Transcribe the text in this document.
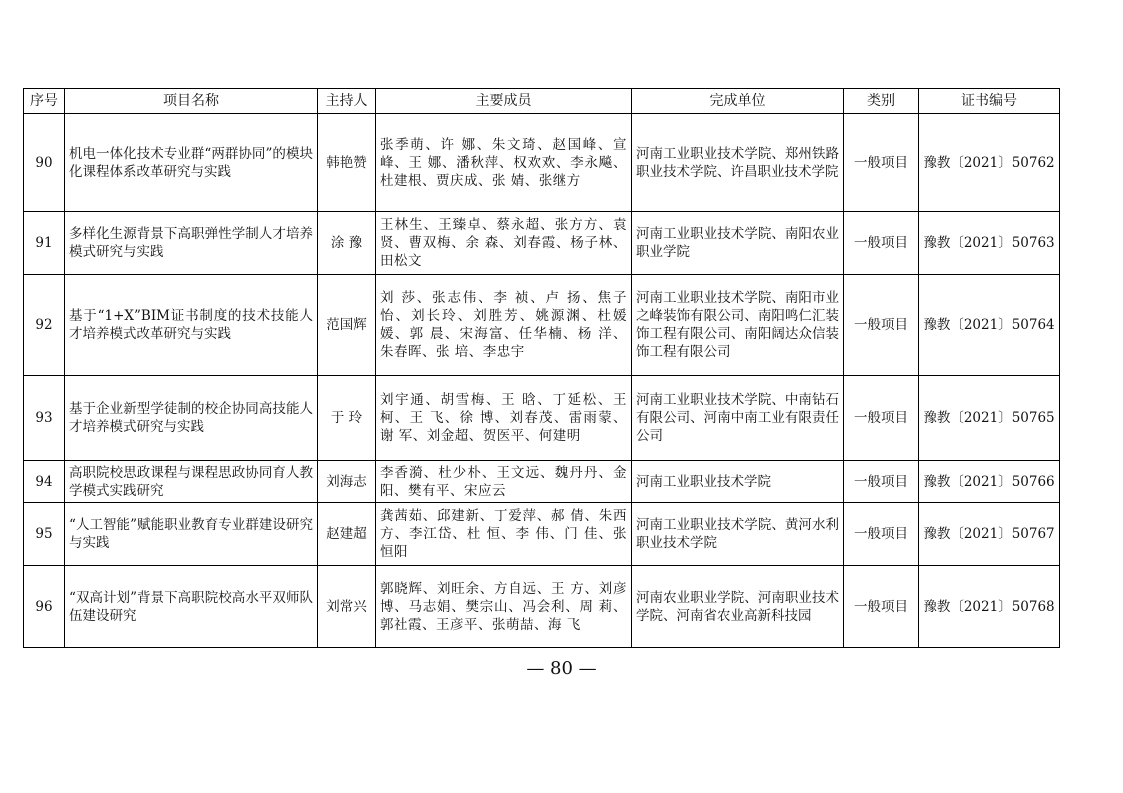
序号	项目名称	主持人	主要成员	完成单位	类别	证书编号
90	机电一体化技术专业群“两群协同”的模块化课程体系改革研究与实践	韩艳赞	张季萌、许 娜、朱文琦、赵国峰、宣 峰、王 娜、潘秋萍、权欢欢、李永飚、杜建根、贾庆成、张 婧、张继方	河南工业职业技术学院、郑州铁路职业技术学院、许昌职业技术学院	一般项目	豫教〔2021〕50762
91	多样化生源背景下高职弹性学制人才培养模式研究与实践	涂 豫	王林生、王臻卓、蔡永超、张方方、袁 贤、曹双梅、余 森、刘春霞、杨子林、田松文	河南工业职业技术学院、南阳农业职业学院	一般项目	豫教〔2021〕50763
92	基于“1+X”BIM证书制度的技术技能人才培养模式改革研究与实践	范国辉	刘 莎、张志伟、李 祯、卢 扬、焦子怡、刘长玲、刘胜芳、姚源渊、杜媛媛、郭 晨、宋海富、任华楠、杨 洋、朱春晖、张 培、李忠宇	河南工业职业技术学院、南阳市业之峰装饰有限公司、南阳鸣仁汇装饰工程有限公司、南阳阔达众信装饰工程有限公司	一般项目	豫教〔2021〕50764
93	基于企业新型学徒制的校企协同高技能人才培养模式研究与实践	于 玲	刘宇通、胡雪梅、王 晗、丁延松、王 柯、王 飞、徐 博、刘春茂、雷雨蒙、谢 军、刘金超、贺医平、何建明	河南工业职业技术学院、中南钻石有限公司、河南中南工业有限责任公司	一般项目	豫教〔2021〕50765
94	高职院校思政课程与课程思政协同育人教学模式实践研究	刘海志	李香漪、杜少朴、王文远、魏丹丹、金 阳、樊有平、宋应云	河南工业职业技术学院	一般项目	豫教〔2021〕50766
95	“人工智能”赋能职业教育专业群建设研究与实践	赵建超	龚茜茹、邱建新、丁爱萍、郝 倩、朱西方、李江岱、杜 恒、李 伟、门 佳、张恒阳	河南工业职业技术学院、黄河水利职业技术学院	一般项目	豫教〔2021〕50767
96	“双高计划”背景下高职院校高水平双师队伍建设研究	刘常兴	郭晓辉、刘旺余、方自远、王 方、刘彦博、马志娟、樊宗山、冯会利、周 莉、郭社霞、王彦平、张萌喆、海 飞	河南农业职业学院、河南职业技术学院、河南省农业高新科技园	一般项目	豫教〔2021〕50768
— 80 —
